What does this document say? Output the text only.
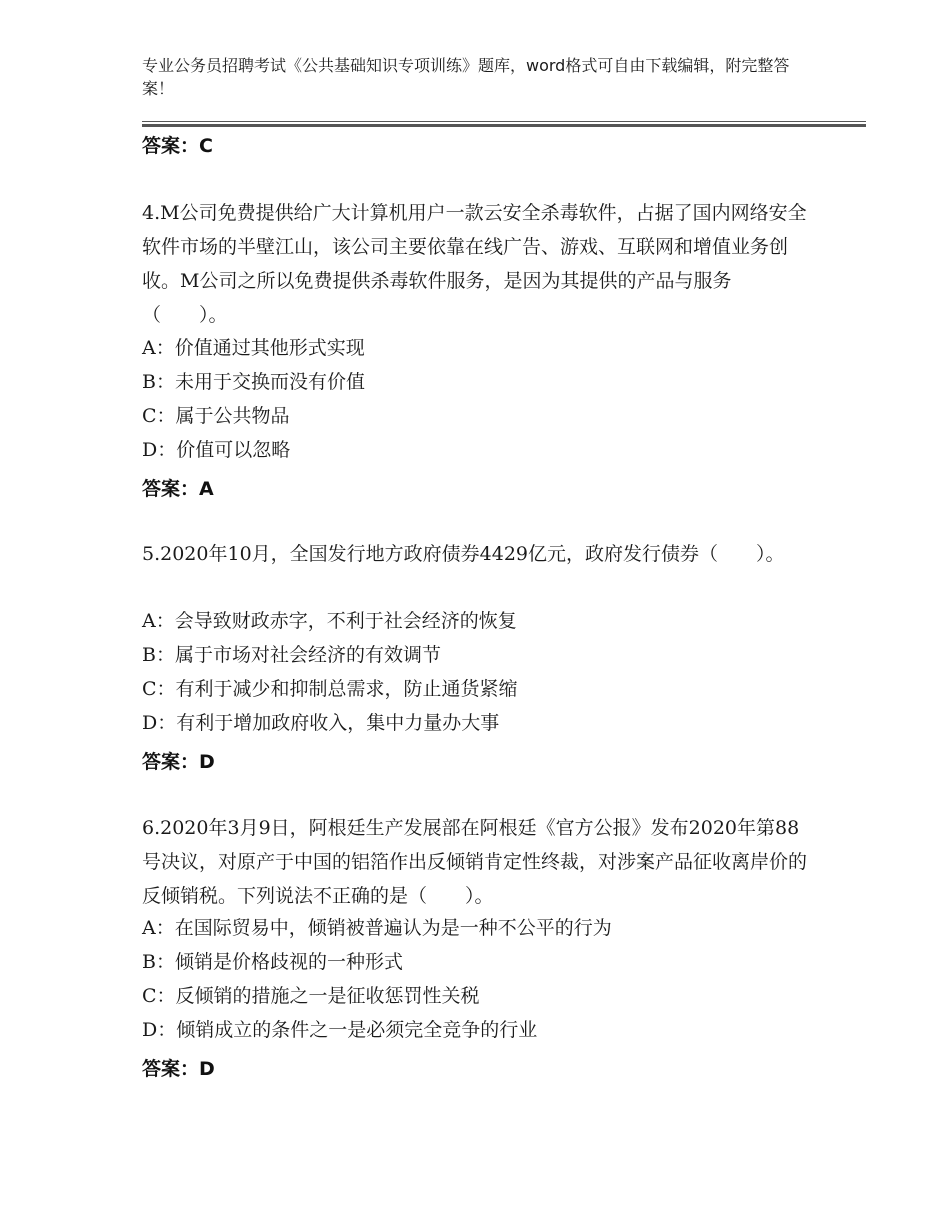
专业公务员招聘考试《公共基础知识专项训练》题库，word格式可自由下载编辑，附完整答案！
答案：C
4.M公司免费提供给广大计算机用户一款云安全杀毒软件，占据了国内网络安全软件市场的半壁江山，该公司主要依靠在线广告、游戏、互联网和增值业务创收。M公司之所以免费提供杀毒软件服务，是因为其提供的产品与服务（　　）。
A：价值通过其他形式实现
B：未用于交换而没有价值
C：属于公共物品
D：价值可以忽略
答案：A
5.2020年10月，全国发行地方政府债券4429亿元，政府发行债券（　　）。
A：会导致财政赤字，不利于社会经济的恢复
B：属于市场对社会经济的有效调节
C：有利于减少和抑制总需求，防止通货紧缩
D：有利于增加政府收入，集中力量办大事
答案：D
6.2020年3月9日，阿根廷生产发展部在阿根廷《官方公报》发布2020年第88号决议，对原产于中国的铝箔作出反倾销肯定性终裁，对涉案产品征收离岸价的反倾销税。下列说法不正确的是（　　）。
A：在国际贸易中，倾销被普遍认为是一种不公平的行为
B：倾销是价格歧视的一种形式
C：反倾销的措施之一是征收惩罚性关税
D：倾销成立的条件之一是必须完全竞争的行业
答案：D
